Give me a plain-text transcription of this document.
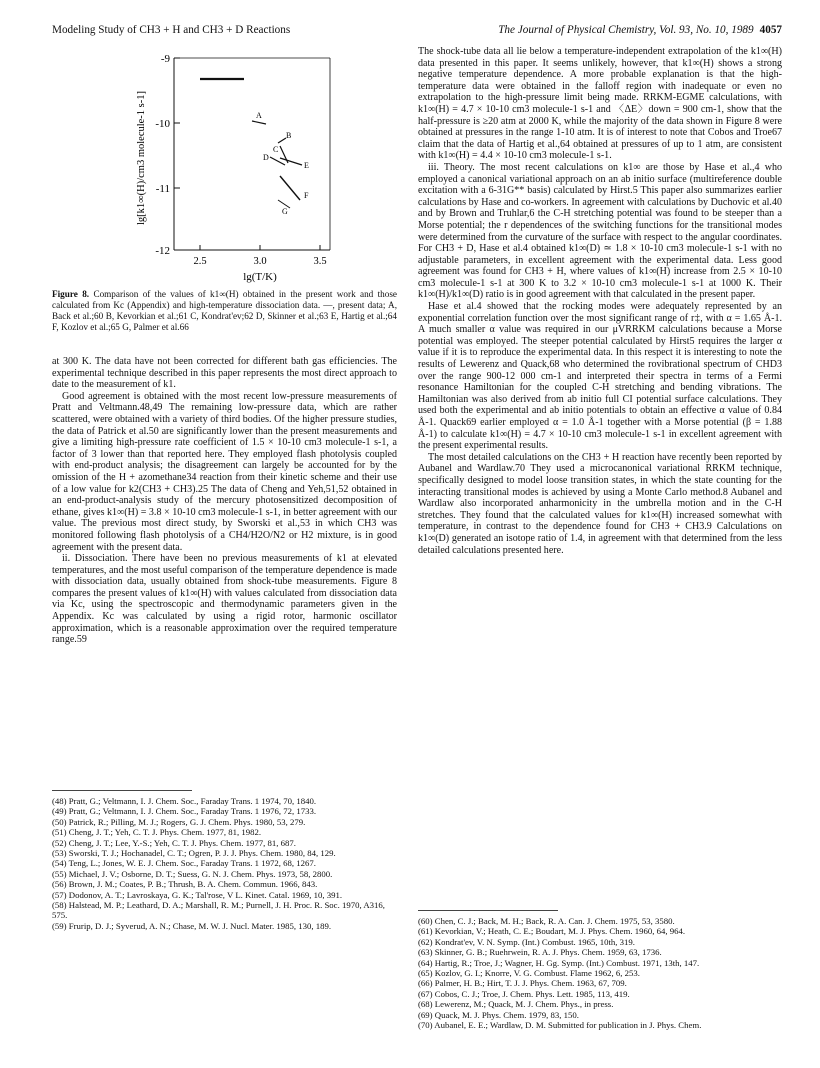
Modeling Study of CH3 + H and CH3 + D Reactions	The Journal of Physical Chemistry, Vol. 93, No. 10, 1989 4057
-9
-10
-11
-12
2.5	3.0	3.5
lg(T/K)
lg[k1∞(H)/cm3 molecule-1 s-1]	A
B
C
D
E
F
G
Figure 8. Comparison of the values of k1∞(H) obtained in the present work and those calculated from Kc (Appendix) and high-temperature dissociation data. —, present data; A, Back et al.;60 B, Kevorkian et al.;61 C, Kondrat'ev;62 D, Skinner et al.;63 E, Hartig et al.;64 F, Kozlov et al.;65 G, Palmer et al.66

at 300 K. The data have not been corrected for different bath gas efficiencies. The experimental technique described in this paper represents the most direct approach to date to the measurement of k1.

Good agreement is obtained with the most recent low-pressure measurements of Pratt and Veltmann.48,49 The remaining low-pressure data, which are rather scattered, were obtained with a variety of third bodies. Of the higher pressure studies, the data of Patrick et al.50 are significantly lower than the present measurements and give a limiting high-pressure rate coefficient of 1.5 × 10-10 cm3 molecule-1 s-1, a factor of 3 lower than that reported here. They employed flash photolysis coupled with end-product analysis; the disagreement can largely be accounted for by the omission of the H + azomethane34 reaction from their kinetic scheme and their use of a low value for k2(CH3 + CH3).25 The data of Cheng and Yeh,51,52 obtained in an end-product-analysis study of the mercury photosensitized decomposition of ethane, gives k1∞(H) = 3.8 × 10-10 cm3 molecule-1 s-1, in better agreement with our value. The previous most direct study, by Sworski et al.,53 in which CH3 was monitored following flash photolysis of a CH4/H2O/N2 or H2 mixture, is in good agreement with the present data.

ii. Dissociation. There have been no previous measurements of k1 at elevated temperatures, and the most useful comparison of the temperature dependence is made with dissociation data, usually obtained from shock-tube measurements. Figure 8 compares the present values of k1∞(H) with values calculated from dissociation data via Kc, using the spectroscopic and thermodynamic parameters given in the Appendix. Kc was calculated by using a rigid rotor, harmonic oscillator approximation, which is a reasonable approximation over the required temperature range.59

(48) Pratt, G.; Veltmann, I. J. Chem. Soc., Faraday Trans. 1 1974, 70, 1840.
(49) Pratt, G.; Veltmann, I. J. Chem. Soc., Faraday Trans. 1 1976, 72, 1733.
(50) Patrick, R.; Pilling, M. J.; Rogers, G. J. Chem. Phys. 1980, 53, 279.
(51) Cheng, J. T.; Yeh, C. T. J. Phys. Chem. 1977, 81, 1982.
(52) Cheng, J. T.; Lee, Y.-S.; Yeh, C. T. J. Phys. Chem. 1977, 81, 687.
(53) Sworski, T. J.; Hochanadel, C. T.; Ogren, P. J. J. Phys. Chem. 1980, 84, 129.
(54) Teng, L.; Jones, W. E. J. Chem. Soc., Faraday Trans. 1 1972, 68, 1267.
(55) Michael, J. V.; Osborne, D. T.; Suess, G. N. J. Chem. Phys. 1973, 58, 2800.
(56) Brown, J. M.; Coates, P. B.; Thrush, B. A. Chem. Commun. 1966, 843.
(57) Dodonov, A. T.; Lavroskaya, G. K.; Tal'rose, V L. Kinet. Catal. 1969, 10, 391.
(58) Halstead, M. P.; Leathard, D. A.; Marshall, R. M.; Purnell, J. H. Proc. R. Soc. 1970, A316, 575.
(59) Frurip, D. J.; Syverud, A. N.; Chase, M. W. J. Nucl. Mater. 1985, 130, 189.

The shock-tube data all lie below a temperature-independent extrapolation of the k1∞(H) data presented in this paper. It seems unlikely, however, that k1∞(H) shows a strong negative temperature dependence. A more probable explanation is that the high-temperature data were obtained in the falloff region with inadequate or even no extrapolation to the high-pressure limit being made. RRKM-EGME calculations, with k1∞(H) = 4.7 × 10-10 cm3 molecule-1 s-1 and 〈ΔE〉down = 900 cm-1, show that the half-pressure is ≥20 atm at 2000 K, while the majority of the data shown in Figure 8 were obtained at pressures in the range 1-10 atm. It is of interest to note that Cobos and Troe67 claim that the data of Hartig et al.,64 obtained at pressures of up to 1 atm, are consistent with k1∞(H) = 4.4 × 10-10 cm3 molecule-1 s-1.

iii. Theory. The most recent calculations on k1∞ are those by Hase et al.,4 who employed a canonical variational approach on an ab initio surface (multireference double excitation with a 6-31G** basis) calculated by Hirst.5 This paper also summarizes earlier calculations by Hase and co-workers. In agreement with calculations by Duchovic et al.40 and by Brown and Truhlar,6 the C-H stretching potential was found to be steeper than a Morse potential; the r dependences of the switching functions for the transitional modes were determined from the curvature of the surface with respect to the angular coordinates. For CH3 + D, Hase et al.4 obtained k1∞(D) ≃ 1.8 × 10-10 cm3 molecule-1 s-1 with no adjustable parameters, in excellent agreement with the experimental data. Less good agreement was found for CH3 + H, where values of k1∞(H) increase from 2.5 × 10-10 cm3 molecule-1 s-1 at 300 K to 3.2 × 10-10 cm3 molecule-1 s-1 at 1000 K. Their k1∞(H)/k1∞(D) ratio is in good agreement with that calculated in the present paper.

Hase et al.4 showed that the rocking modes were adequately represented by an exponential correlation function over the most significant range of r‡, with α = 1.65 Å-1. A much smaller α value was required in our μVRRKM calculations because a Morse potential was employed. The steeper potential calculated by Hirst5 requires the larger α value if it is to reproduce the experimental data. In this respect it is interesting to note the results of Lewerenz and Quack,68 who determined the rovibrational spectrum of CHD3 over the range 900-12 000 cm-1 and interpreted their spectra in terms of a Fermi resonance Hamiltonian for the coupled C-H stretching and bending vibrations. The Hamiltonian was also derived from ab initio full CI potential surface calculations. They used both the experimental and ab initio potentials to obtain an effective α value of 0.84 Å-1. Quack69 earlier employed α = 1.0 Å-1 together with a Morse potential (β = 1.88 Å-1) to calculate k1∞(H) = 4.7 × 10-10 cm3 molecule-1 s-1 in excellent agreement with the present experimental results.

The most detailed calculations on the CH3 + H reaction have recently been reported by Aubanel and Wardlaw.70 They used a microcanonical variational RRKM technique, specifically designed to model loose transition states, in which the state counting for the interacting transitional modes is achieved by using a Monte Carlo method.8 Aubanel and Wardlaw also incorporated anharmonicity in the umbrella motion and in the C-H stretches. They found that the calculated values for k1∞(H) increased somewhat with temperature, in contrast to the dependence found for CH3 + CH3.9 Calculations on k1∞(D) generated an isotope ratio of 1.4, in agreement with that determined from the less detailed calculations presented here.

(60) Chen, C. J.; Back, M. H.; Back, R. A. Can. J. Chem. 1975, 53, 3580.
(61) Kevorkian, V.; Heath, C. E.; Boudart, M. J. Phys. Chem. 1960, 64, 964.
(62) Kondrat'ev, V. N. Symp. (Int.) Combust. 1965, 10th, 319.
(63) Skinner, G. B.; Ruehrwein, R. A. J. Phys. Chem. 1959, 63, 1736.
(64) Hartig, R.; Troe, J.; Wagner, H. Gg. Symp. (Int.) Combust. 1971, 13th, 147.
(65) Kozlov, G. I.; Knorre, V. G. Combust. Flame 1962, 6, 253.
(66) Palmer, H. B.; Hirt, T. J. J. Phys. Chem. 1963, 67, 709.
(67) Cobos, C. J.; Troe, J. Chem. Phys. Lett. 1985, 113, 419.
(68) Lewerenz, M.; Quack, M. J. Chem. Phys., in press.
(69) Quack, M. J. Phys. Chem. 1979, 83, 150.
(70) Aubanel, E. E.; Wardlaw, D. M. Submitted for publication in J. Phys. Chem.
